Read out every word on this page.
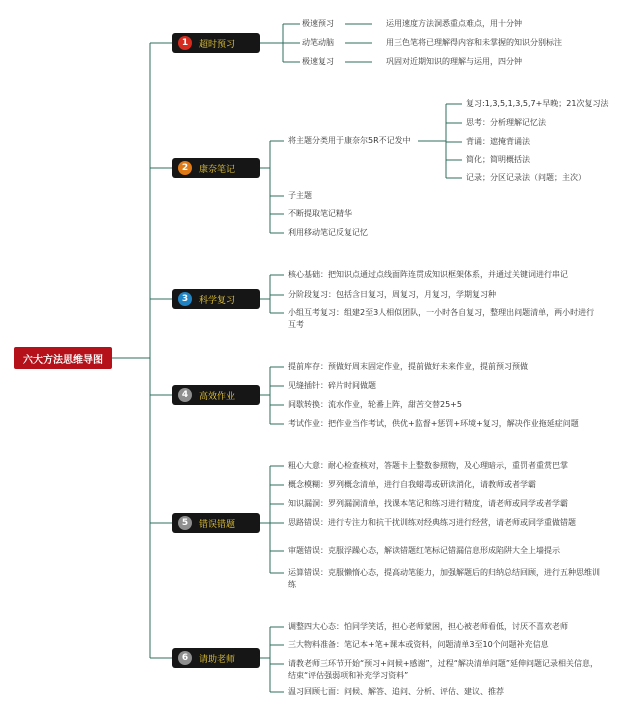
六大方法思维导图
1	超时预习
2	康奈笔记
3	科学复习
4	高效作业
5	错误错题
6	请助老师
极速预习	运用速度方法洞悉重点难点，用十分钟
动笔动脑	用三色笔将已理解得内容和未掌握的知识分别标注
极速复习	巩固对近期知识的理解与运用，四分钟
将主题分类用于康奈尔5R不记发中
子主题
不断提取笔记精华
利用移动笔记反复记忆
复习:1,3,5,1,3,5,7+早晚；21次复习法
思考：分析理解记忆法
背诵：遮掩背诵法
简化；简明概括法
记录；分区记录法（问题；主次）
核心基础：把知识点通过点线面阵连贯成知识框架体系，并通过关键词进行串记
分阶段复习：包括含日复习，周复习，月复习，学期复习种
小组互考复习：组建2至3人相似团队，一小时各自复习，整理出问题清单，两小时进行互考
提前库存：预做好周末固定作业，提前做好未来作业，提前预习预做
见缝插针：碎片时间做题
间歇转换：流水作业，轮番上阵，甜苦交替25+5
考试作业：把作业当作考试，供优+监督+惩罚+环境+复习，解决作业拖延症问题
粗心大意：耐心检查核对，答题卡上整数参照物，及心理暗示，重罚者重赏巴掌
概念模糊：罗列概念清单，进行自我蜡毒或研读消化，请教师或者学霸
知识漏洞：罗列漏洞清单，找课本笔记和练习进行精度，请老师或同学或者学霸
思路错误：进行专注力和抗干扰训练对经典练习进行经营，请老师或同学重做错题
审题错误：克服浮躁心态，解读错题红笔标记错漏信息形成陷阱大全上墙提示
运算错误：克服懒惰心态，提高动笔能力，加强解题后的归纳总结回顾，进行五种思维训练
调整四大心态：怕同学笑话，担心老师蒙困，担心被老师看低，讨厌不喜欢老师
三大物料准备：笔记本+笔+课本或资料，问题清单3至10个问题补充信息
请教老师三环节开始“预习+问候+感谢”，过程“解决清单问题”延伸问题记录相关信息，结束“评估强弱项和补充学习资料”
温习回顾七面：问候、解答、追问、分析、评估、建议、推荐
